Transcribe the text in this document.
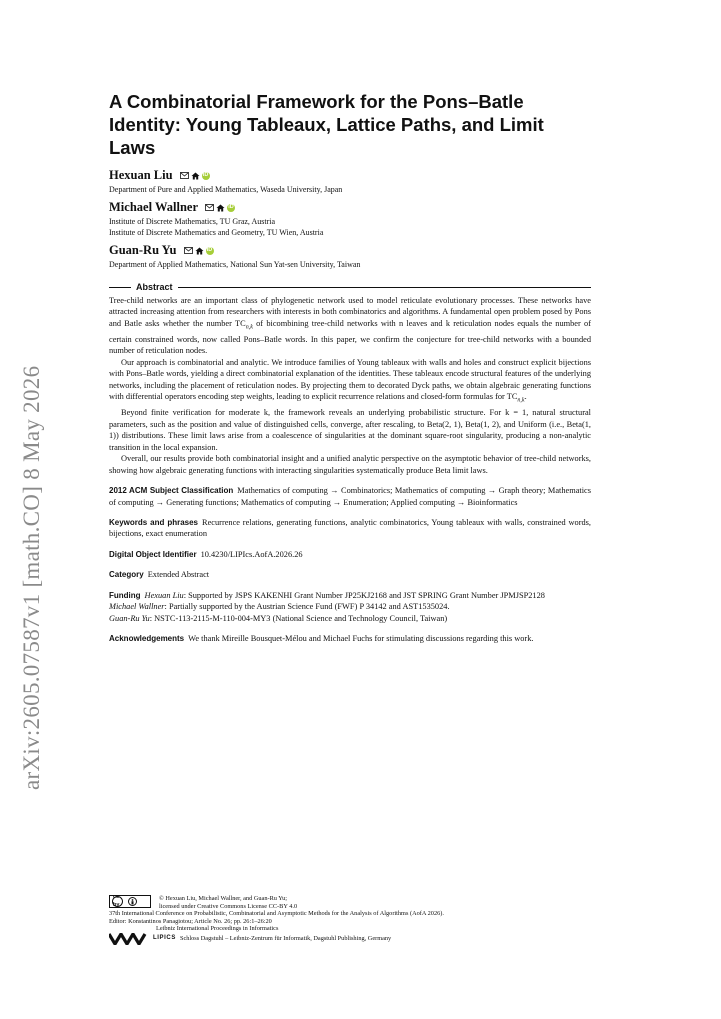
arXiv:2605.07587v1 [math.CO] 8 May 2026
A Combinatorial Framework for the Pons–Batle Identity: Young Tableaux, Lattice Paths, and Limit Laws
Hexuan Liu	iD
Department of Pure and Applied Mathematics, Waseda University, Japan
Michael Wallner	iD
Institute of Discrete Mathematics, TU Graz, Austria
Institute of Discrete Mathematics and Geometry, TU Wien, Austria
Guan-Ru Yu	iD
Department of Applied Mathematics, National Sun Yat-sen University, Taiwan
Abstract

Tree-child networks are an important class of phylogenetic network used to model reticulate evolutionary processes. These networks have attracted increasing attention from researchers with interests in both combinatorics and algorithms. A fundamental open problem posed by Pons and Batle asks whether the number $TC_{n,k}$ of bicombining tree-child networks with n leaves and k reticulation nodes equals the number of certain constrained words, now called Pons–Batle words. In this paper, we confirm the conjecture for tree-child networks with a bounded number of reticulation nodes.

Our approach is combinatorial and analytic. We introduce families of Young tableaux with walls and holes and construct explicit bijections with Pons–Batle words, yielding a direct combinatorial explanation of the identities. These tableaux encode structural features of the underlying networks, including the placement of reticulation nodes. By projecting them to decorated Dyck paths, we obtain algebraic generating functions with differential operators encoding step weights, leading to explicit recurrence relations and closed-form formulas for $TC_{n,k}$.

Beyond finite verification for moderate k, the framework reveals an underlying probabilistic structure. For k = 1, natural structural parameters, such as the position and value of distinguished cells, converge, after rescaling, to Beta(2, 1), Beta(1, 2), and Uniform (i.e., Beta(1, 1)) distributions. These limit laws arise from a coalescence of singularities at the dominant square-root singularity, producing a non-analytic transition in the local expansion.

Overall, our results provide both combinatorial insight and a unified analytic perspective on the asymptotic behavior of tree-child networks, showing how algebraic generating functions with interacting singularities systematically produce Beta limit laws.

2012 ACM Subject Classification Mathematics of computing → Combinatorics; Mathematics of computing → Graph theory; Mathematics of computing → Generating functions; Mathematics of computing → Enumeration; Applied computing → Bioinformatics
Keywords and phrases Recurrence relations, generating functions, analytic combinatorics, Young tableaux with walls, constrained words, bijections, exact enumeration
Digital Object Identifier 10.4230/LIPIcs.AofA.2026.26
Category Extended Abstract
Funding Hexuan Liu: Supported by JSPS KAKENHI Grant Number JP25KJ2168 and JST SPRING Grant Number JPMJSP2128
Michael Wallner: Partially supported by the Austrian Science Fund (FWF) P 34142 and AST1535024.
Guan-Ru Yu: NSTC-113-2115-M-110-004-MY3 (National Science and Technology Council, Taiwan)
Acknowledgements We thank Mireille Bousquet-Mélou and Michael Fuchs for stimulating discussions regarding this work.
cc by
© Hexuan Liu, Michael Wallner, and Guan-Ru Yu;
licensed under Creative Commons License CC-BY 4.0
37th International Conference on Probabilistic, Combinatorial and Asymptotic Methods for the Analysis of Algorithms (AofA 2026).
Editor: Konstantinos Panagiotou; Article No. 26; pp. 26:1–26:20
Leibniz International Proceedings in Informatics
LIPICS Schloss Dagstuhl – Leibniz-Zentrum für Informatik, Dagstuhl Publishing, Germany
